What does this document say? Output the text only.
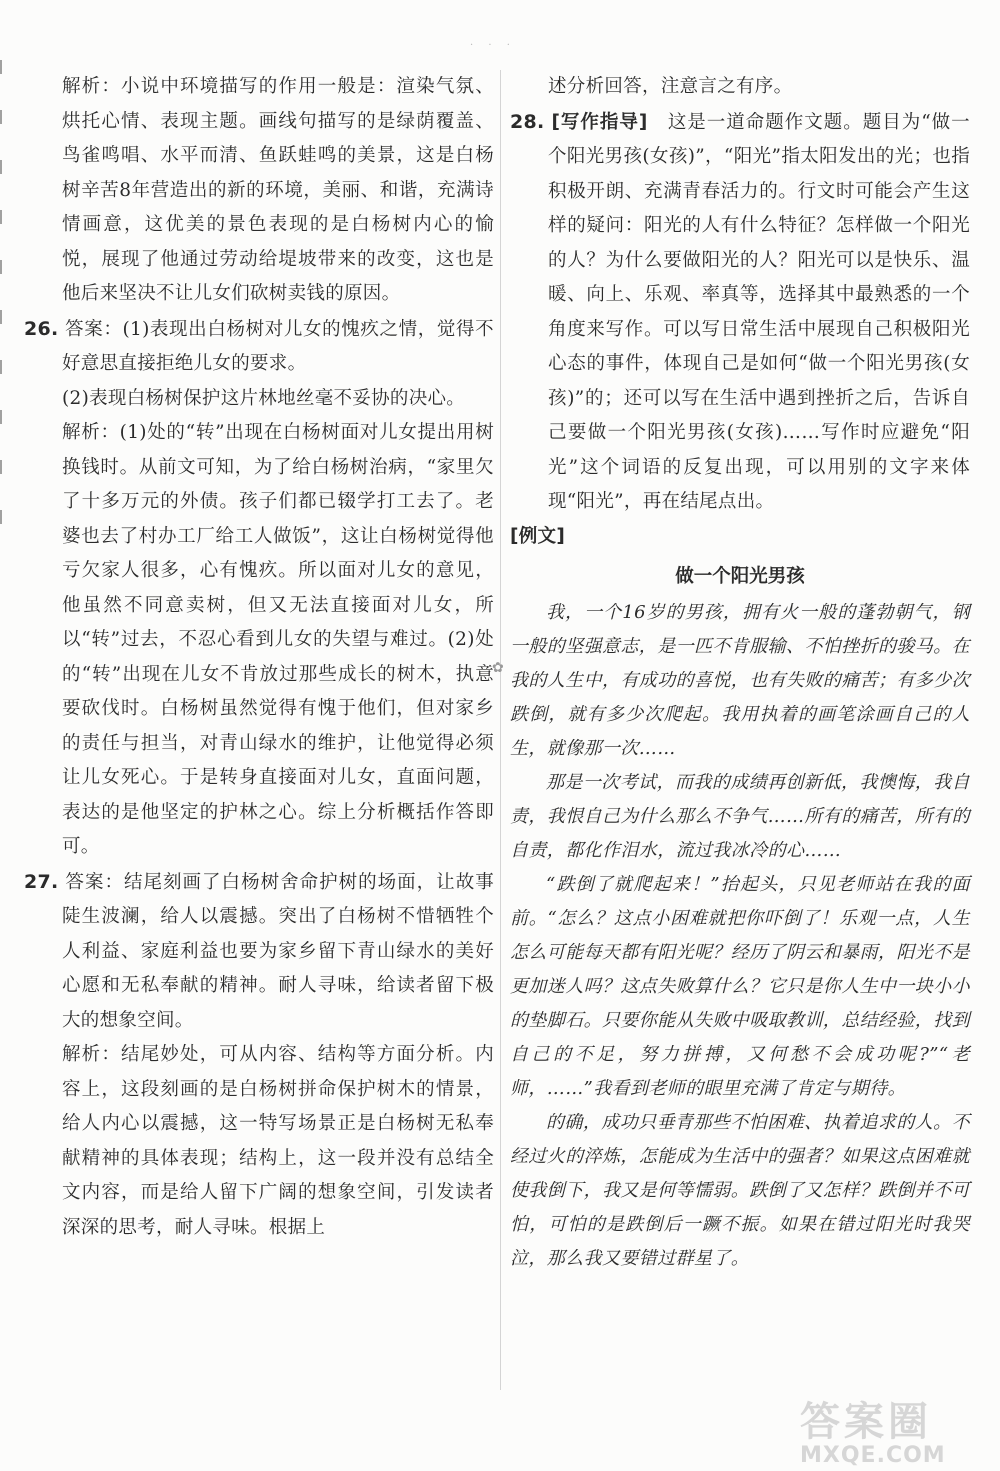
· · ·
✿

解析：小说中环境描写的作用一般是：渲染气氛、烘托心情、表现主题。画线句描写的是绿荫覆盖、鸟雀鸣唱、水平而清、鱼跃蛙鸣的美景，这是白杨树辛苦8年营造出的新的环境，美丽、和谐，充满诗情画意，这优美的景色表现的是白杨树内心的愉悦，展现了他通过劳动给堤坡带来的改变，这也是他后来坚决不让儿女们砍树卖钱的原因。

26. 答案：(1)表现出白杨树对儿女的愧疚之情，觉得不好意思直接拒绝儿女的要求。

(2)表现白杨树保护这片林地丝毫不妥协的决心。

解析：(1)处的“转”出现在白杨树面对儿女提出用树换钱时。从前文可知，为了给白杨树治病，“家里欠了十多万元的外债。孩子们都已辍学打工去了。老婆也去了村办工厂给工人做饭”，这让白杨树觉得他亏欠家人很多，心有愧疚。所以面对儿女的意见，他虽然不同意卖树，但又无法直接面对儿女，所以“转”过去，不忍心看到儿女的失望与难过。(2)处的“转”出现在儿女不肯放过那些成长的树木，执意要砍伐时。白杨树虽然觉得有愧于他们，但对家乡的责任与担当，对青山绿水的维护，让他觉得必须让儿女死心。于是转身直接面对儿女，直面问题，表达的是他坚定的护林之心。综上分析概括作答即可。

27. 答案：结尾刻画了白杨树舍命护树的场面，让故事陡生波澜，给人以震撼。突出了白杨树不惜牺牲个人利益、家庭利益也要为家乡留下青山绿水的美好心愿和无私奉献的精神。耐人寻味，给读者留下极大的想象空间。

解析：结尾妙处，可从内容、结构等方面分析。内容上，这段刻画的是白杨树拼命保护树木的情景，给人内心以震撼，这一特写场景正是白杨树无私奉献精神的具体表现；结构上，这一段并没有总结全文内容，而是给人留下广阔的想象空间，引发读者深深的思考，耐人寻味。根据上

述分析回答，注意言之有序。

28. [写作指导]　 这是一道命题作文题。题目为“做一个阳光男孩(女孩)”，“阳光”指太阳发出的光；也指积极开朗、充满青春活力的。行文时可能会产生这样的疑问：阳光的人有什么特征？怎样做一个阳光的人？为什么要做阳光的人？阳光可以是快乐、温暖、向上、乐观、率真等，选择其中最熟悉的一个角度来写作。可以写日常生活中展现自己积极阳光心态的事件，体现自己是如何“做一个阳光男孩(女孩)”的；还可以写在生活中遇到挫折之后，告诉自己要做一个阳光男孩(女孩)……写作时应避免“阳光”这个词语的反复出现，可以用别的文字来体现“阳光”，再在结尾点出。

[例文]

做一个阳光男孩

我，一个16岁的男孩，拥有火一般的蓬勃朝气，钢一般的坚强意志，是一匹不肯服输、不怕挫折的骏马。在我的人生中，有成功的喜悦，也有失败的痛苦；有多少次跌倒，就有多少次爬起。我用执着的画笔涂画自己的人生，就像那一次……

那是一次考试，而我的成绩再创新低，我懊悔，我自责，我恨自己为什么那么不争气……所有的痛苦，所有的自责，都化作泪水，流过我冰冷的心……

“跌倒了就爬起来！”抬起头，只见老师站在我的面前。“怎么？这点小困难就把你吓倒了！乐观一点，人生怎么可能每天都有阳光呢？经历了阴云和暴雨，阳光不是更加迷人吗？这点失败算什么？它只是你人生中一块小小的垫脚石。只要你能从失败中吸取教训，总结经验，找到自己的不足，努力拼搏，又何愁不会成功呢?”“老师，……”我看到老师的眼里充满了肯定与期待。

的确，成功只垂青那些不怕困难、执着追求的人。不经过火的淬炼，怎能成为生活中的强者？如果这点困难就使我倒下，我又是何等懦弱。跌倒了又怎样？跌倒并不可怕，可怕的是跌倒后一蹶不振。如果在错过阳光时我哭泣，那么我又要错过群星了。

答案圈
MXQE.COM
